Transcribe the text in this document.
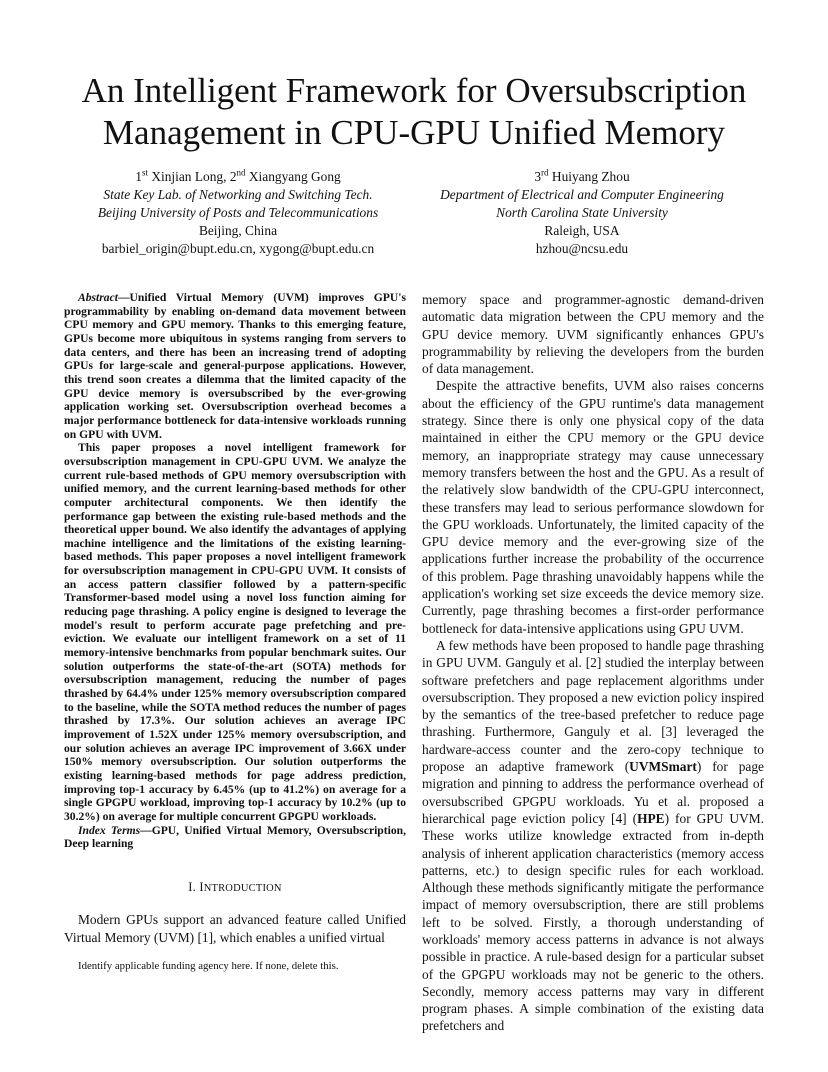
An Intelligent Framework for Oversubscription
Management in CPU-GPU Unified Memory
1st Xinjian Long, 2nd Xiangyang Gong
State Key Lab. of Networking and Switching Tech.
Beijing University of Posts and Telecommunications
Beijing, China
barbiel_origin@bupt.edu.cn, xygong@bupt.edu.cn
3rd Huiyang Zhou
Department of Electrical and Computer Engineering
North Carolina State University
Raleigh, USA
hzhou@ncsu.edu

Abstract—Unified Virtual Memory (UVM) improves GPU's programmability by enabling on-demand data movement between CPU memory and GPU memory. Thanks to this emerging feature, GPUs become more ubiquitous in systems ranging from servers to data centers, and there has been an increasing trend of adopting GPUs for large-scale and general-purpose applications. However, this trend soon creates a dilemma that the limited capacity of the GPU device memory is oversubscribed by the ever-growing application working set. Oversubscription overhead becomes a major performance bottleneck for data-intensive workloads running on GPU with UVM.

This paper proposes a novel intelligent framework for oversubscription management in CPU-GPU UVM. We analyze the current rule-based methods of GPU memory oversubscription with unified memory, and the current learning-based methods for other computer architectural components. We then identify the performance gap between the existing rule-based methods and the theoretical upper bound. We also identify the advantages of applying machine intelligence and the limitations of the existing learning-based methods. This paper proposes a novel intelligent framework for oversubscription management in CPU-GPU UVM. It consists of an access pattern classifier followed by a pattern-specific Transformer-based model using a novel loss function aiming for reducing page thrashing. A policy engine is designed to leverage the model's result to perform accurate page prefetching and pre-eviction. We evaluate our intelligent framework on a set of 11 memory-intensive benchmarks from popular benchmark suites. Our solution outperforms the state-of-the-art (SOTA) methods for oversubscription management, reducing the number of pages thrashed by 64.4% under 125% memory oversubscription compared to the baseline, while the SOTA method reduces the number of pages thrashed by 17.3%. Our solution achieves an average IPC improvement of 1.52X under 125% memory oversubscription, and our solution achieves an average IPC improvement of 3.66X under 150% memory oversubscription. Our solution outperforms the existing learning-based methods for page address prediction, improving top-1 accuracy by 6.45% (up to 41.2%) on average for a single GPGPU workload, improving top-1 accuracy by 10.2% (up to 30.2%) on average for multiple concurrent GPGPU workloads.

Index Terms—GPU, Unified Virtual Memory, Oversubscription, Deep learning

I. INTRODUCTION

Modern GPUs support an advanced feature called Unified Virtual Memory (UVM) [1], which enables a unified virtual

Identify applicable funding agency here. If none, delete this.

memory space and programmer-agnostic demand-driven automatic data migration between the CPU memory and the GPU device memory. UVM significantly enhances GPU's programmability by relieving the developers from the burden of data management.

Despite the attractive benefits, UVM also raises concerns about the efficiency of the GPU runtime's data management strategy. Since there is only one physical copy of the data maintained in either the CPU memory or the GPU device memory, an inappropriate strategy may cause unnecessary memory transfers between the host and the GPU. As a result of the relatively slow bandwidth of the CPU-GPU interconnect, these transfers may lead to serious performance slowdown for the GPU workloads. Unfortunately, the limited capacity of the GPU device memory and the ever-growing size of the applications further increase the probability of the occurrence of this problem. Page thrashing unavoidably happens while the application's working set size exceeds the device memory size. Currently, page thrashing becomes a first-order performance bottleneck for data-intensive applications using GPU UVM.

A few methods have been proposed to handle page thrashing in GPU UVM. Ganguly et al. [2] studied the interplay between software prefetchers and page replacement algorithms under oversubscription. They proposed a new eviction policy inspired by the semantics of the tree-based prefetcher to reduce page thrashing. Furthermore, Ganguly et al. [3] leveraged the hardware-access counter and the zero-copy technique to propose an adaptive framework (UVMSmart) for page migration and pinning to address the performance overhead of oversubscribed GPGPU workloads. Yu et al. proposed a hierarchical page eviction policy [4] (HPE) for GPU UVM. These works utilize knowledge extracted from in-depth analysis of inherent application characteristics (memory access patterns, etc.) to design specific rules for each workload. Although these methods significantly mitigate the performance impact of memory oversubscription, there are still problems left to be solved. Firstly, a thorough understanding of workloads' memory access patterns in advance is not always possible in practice. A rule-based design for a particular subset of the GPGPU workloads may not be generic to the others. Secondly, memory access patterns may vary in different program phases. A simple combination of the existing data prefetchers and
